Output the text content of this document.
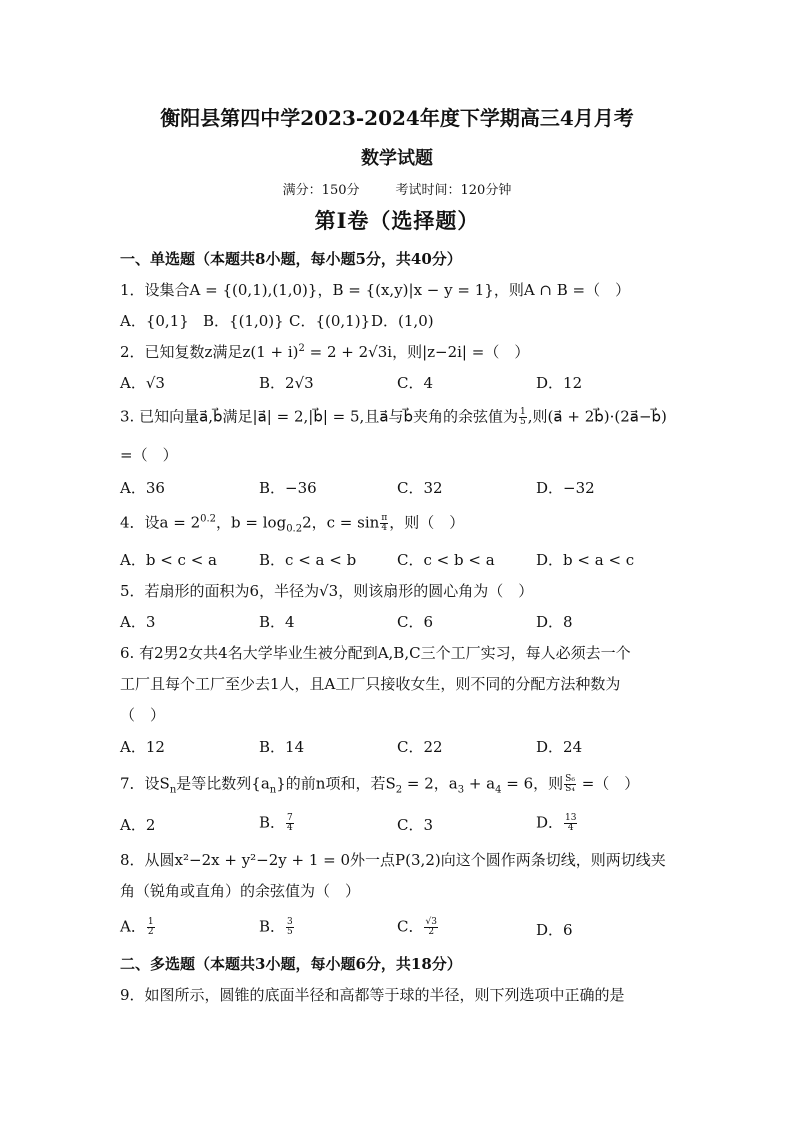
衡阳县第四中学2023-2024年度下学期高三4月月考
数学试题
满分：150分	考试时间：120分钟
第Ⅰ卷（选择题）
一、单选题（本题共8小题，每小题5分，共40分）
1．设集合A = {(0,1),(1,0)}，B = {(x,y)|x − y = 1}，则A ∩ B =（　）
A．{0,1} B．{(1,0)} C．{(0,1)} D．(1,0)
2．已知复数z满足$z(1 + i)^2 = 2 + 2√3i$，则|z−2i| =（　）
A．√3	B．2√3	C．4	D．12
3. 已知向量a⃗,b⃗满足|a⃗| = 2,|b⃗| = 5,且a⃗与b⃗夹角的余弦值为 $\frac{1}{5}$ ,则(a⃗ + 2b⃗)·(2a⃗−b⃗)
=（　）
A．36	B．−36	C．32	D．−32
4．设$a = 2^{0.2}$，$b = \log_{0.2}2$，$c = \sin \frac{\pi}{4}$ ，则（　）
A．b < c < a	B．c < a < b	C．c < b < a	D．b < a < c
5．若扇形的面积为6，半径为√3，则该扇形的圆心角为（　）
A．3	B．4	C．6	D．8
6. 有2男2女共4名大学毕业生被分配到A,B,C三个工厂实习，每人必须去一个
工厂且每个工厂至少去1人，且A工厂只接收女生，则不同的分配方法种数为
（　）
A．12	B．14	C．22	D．24
7．设$S_n$是等比数列$\{a_n\}$的前n项和，若$S_2 = 2$，$a_3 + a_4 = 6$，则 $\frac{\text{S₆}}{\text{S₄}}$ =（　）
A．2	B． $\frac{7}{4}$	C．3	D． $\frac{13}{4}$
8．从圆x²−2x + y²−2y + 1 = 0外一点P(3,2)向这个圆作两条切线，则两切线夹
角（锐角或直角）的余弦值为（　）
A． $\frac{1}{2}$	B． $\frac{3}{5}$	C． $\frac{√3}{2}$	D．6
二、多选题（本题共3小题，每小题6分，共18分）
9．如图所示，圆锥的底面半径和高都等于球的半径，则下列选项中正确的是
